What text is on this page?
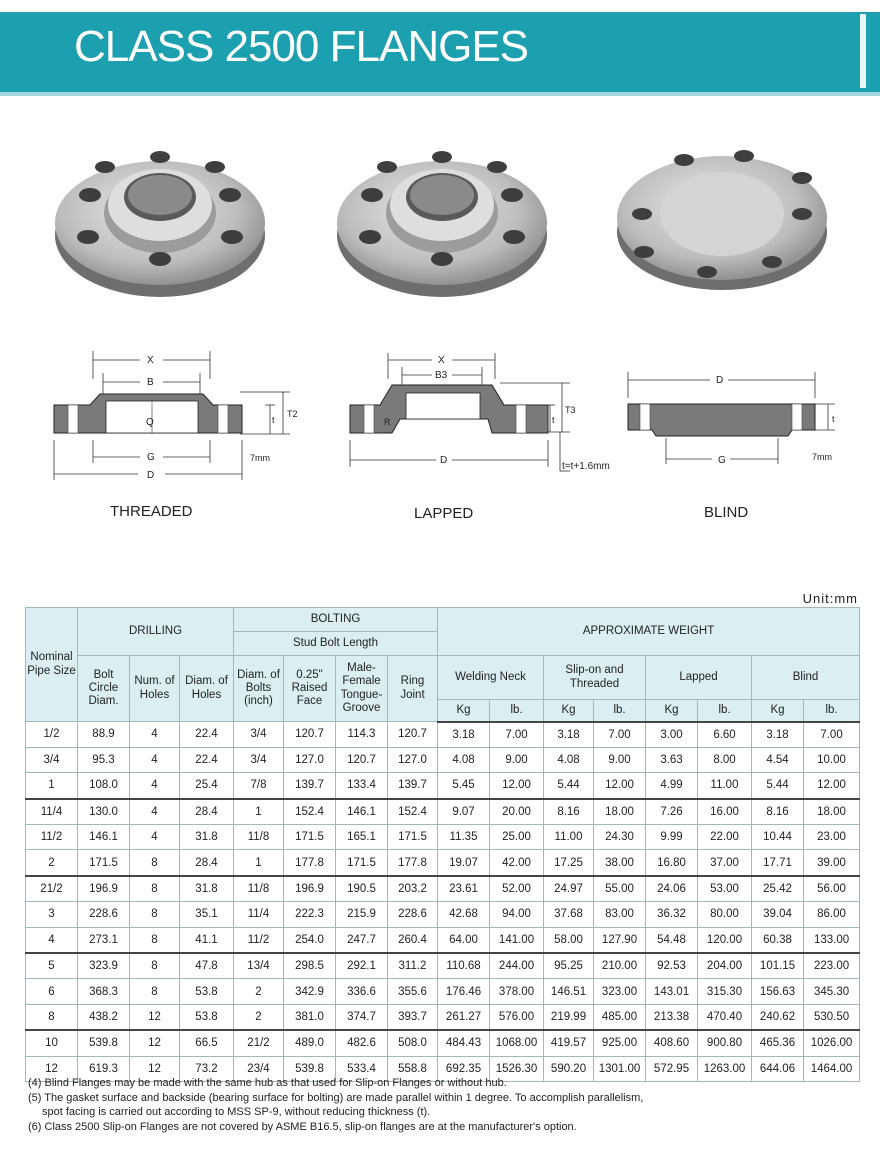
CLASS 2500 FLANGES
X
B
Q
G
D
T2
t
7mm
X
B3
R
D
T3
t
t=t+1.6mm
D
G
t
7mm
THREADED	LAPPED	BLIND
Unit:mm
Nominal Pipe Size	DRILLING			BOLTING				APPROXIMATE WEIGHT							
				Stud Bolt Length											
	Bolt Circle Diam.	Num. of Holes	Diam. of Holes	Diam. of Bolts (inch)	0.25" Raised Face	Male- Female Tongue- Groove	Ring Joint	Welding Neck		Slip-on and Threaded		Lapped		Blind	
								Kg	lb.	Kg	lb.	Kg	lb.	Kg	lb.
1/2	88.9	4	22.4	3/4	120.7	114.3	120.7	3.18	7.00	3.18	7.00	3.00	6.60	3.18	7.00
3/4	95.3	4	22.4	3/4	127.0	120.7	127.0	4.08	9.00	4.08	9.00	3.63	8.00	4.54	10.00
1	108.0	4	25.4	7/8	139.7	133.4	139.7	5.45	12.00	5.44	12.00	4.99	11.00	5.44	12.00
11/4	130.0	4	28.4	1	152.4	146.1	152.4	9.07	20.00	8.16	18.00	7.26	16.00	8.16	18.00
11/2	146.1	4	31.8	11/8	171.5	165.1	171.5	11.35	25.00	11.00	24.30	9.99	22.00	10.44	23.00
2	171.5	8	28.4	1	177.8	171.5	177.8	19.07	42.00	17.25	38.00	16.80	37.00	17.71	39.00
21/2	196.9	8	31.8	11/8	196.9	190.5	203.2	23.61	52.00	24.97	55.00	24.06	53.00	25.42	56.00
3	228.6	8	35.1	11/4	222.3	215.9	228.6	42.68	94.00	37.68	83.00	36.32	80.00	39.04	86.00
4	273.1	8	41.1	11/2	254.0	247.7	260.4	64.00	141.00	58.00	127.90	54.48	120.00	60.38	133.00
5	323.9	8	47.8	13/4	298.5	292.1	311.2	110.68	244.00	95.25	210.00	92.53	204.00	101.15	223.00
6	368.3	8	53.8	2	342.9	336.6	355.6	176.46	378.00	146.51	323.00	143.01	315.30	156.63	345.30
8	438.2	12	53.8	2	381.0	374.7	393.7	261.27	576.00	219.99	485.00	213.38	470.40	240.62	530.50
10	539.8	12	66.5	21/2	489.0	482.6	508.0	484.43	1068.00	419.57	925.00	408.60	900.80	465.36	1026.00
12	619.3	12	73.2	23/4	539.8	533.4	558.8	692.35	1526.30	590.20	1301.00	572.95	1263.00	644.06	1464.00
(4) Blind Flanges may be made with the same hub as that used for Slip-on Flanges or without hub.
(5) The gasket surface and backside (bearing surface for bolting) are made parallel within 1 degree. To accomplish parallelism,
spot facing is carried out according to MSS SP-9, without reducing thickness (t).
(6) Class 2500 Slip-on Flanges are not covered by ASME B16.5, slip-on flanges are at the manufacturer's option.
